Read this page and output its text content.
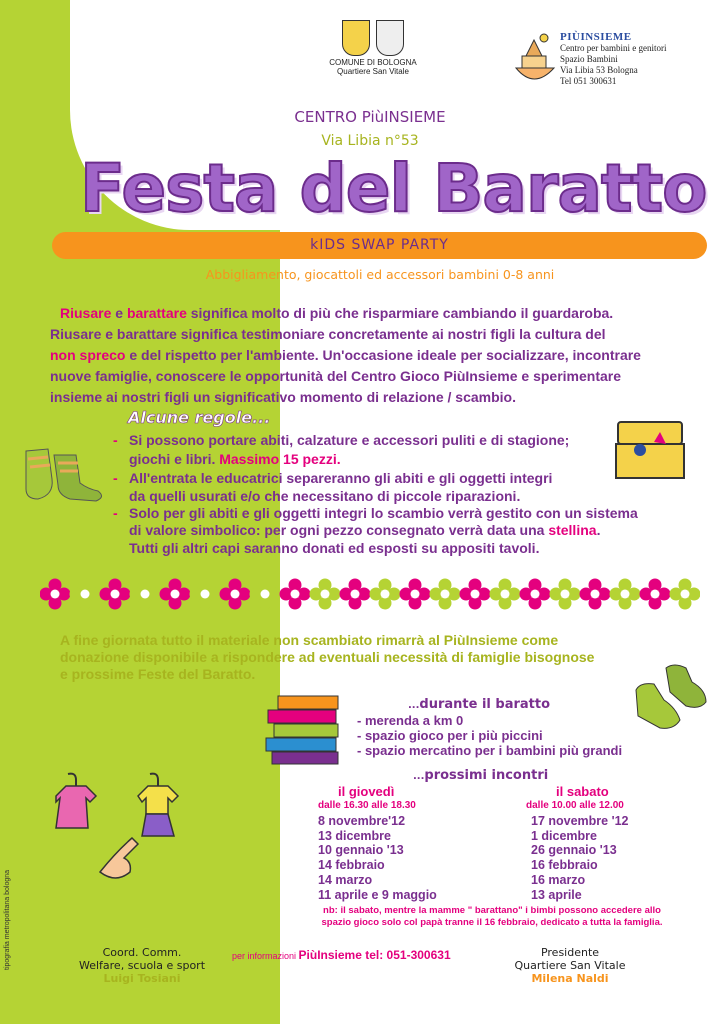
COMUNE DI BOLOGNA
Quartiere San Vitale
PIÙINSIEME
Centro per bambini e genitori
Spazio Bambini
Via Libia 53 Bologna
Tel 051 300631
CENTRO PiùINSIEME
Via Libia n°53
Festa del Baratto
kIDS SWAP PARTY
Abbigliamento, giocattoli ed accessori bambini 0-8 anni
Riusare e barattare significa molto di più che risparmiare cambiando il guardaroba.
Riusare e barattare significa testimoniare concretamente ai nostri figli la cultura del
non spreco e del rispetto per l'ambiente. Un'occasione ideale per socializzare, incontrare
nuove famiglie, conoscere le opportunità del Centro Gioco PiùInsieme e sperimentare
insieme ai nostri figli un significativo momento di relazione / scambio.
Alcune regole...
- Si possono portare abiti, calzature e accessori puliti e di stagione;
giochi e libri. Massimo 15 pezzi.
- All'entrata le educatrici separeranno gli abiti e gli oggetti integri
da quelli usurati e/o che necessitano di piccole riparazioni.
- Solo per gli abiti e gli oggetti integri lo scambio verrà gestito con un sistema
di valore simbolico: per ogni pezzo consegnato verrà data una stellina.
Tutti gli altri capi saranno donati ed esposti su appositi tavoli.
A fine giornata tutto il materiale non scambiato rimarrà al PiùInsieme come
donazione disponibile a rispondere ad eventuali necessità di famiglie bisognose
e prossime Feste del Baratto.
...durante il baratto
- merenda a km 0
- spazio gioco per i più piccini
- spazio mercatino per i bambini più grandi
...prossimi incontri
il giovedì
dalle 16.30 alle 18.30
il sabato
dalle 10.00 alle 12.00
8 novembre'12
13 dicembre
10 gennaio '13
14 febbraio
14 marzo
11 aprile e 9 maggio
17 novembre '12
1 dicembre
26 gennaio '13
16 febbraio
16 marzo
13 aprile
nb: il sabato, mentre la mamme " barattano" i bimbi possono accedere allo
spazio gioco solo col papà tranne il 16 febbraio, dedicato a tutta la famiglia.
Coord. Comm.
Welfare, scuola e sport
Luigi Tosiani
per informazioni PiùInsieme tel: 051-300631	Presidente
Quartiere San Vitale
Milena Naldi
tipografia metropolitana bologna
